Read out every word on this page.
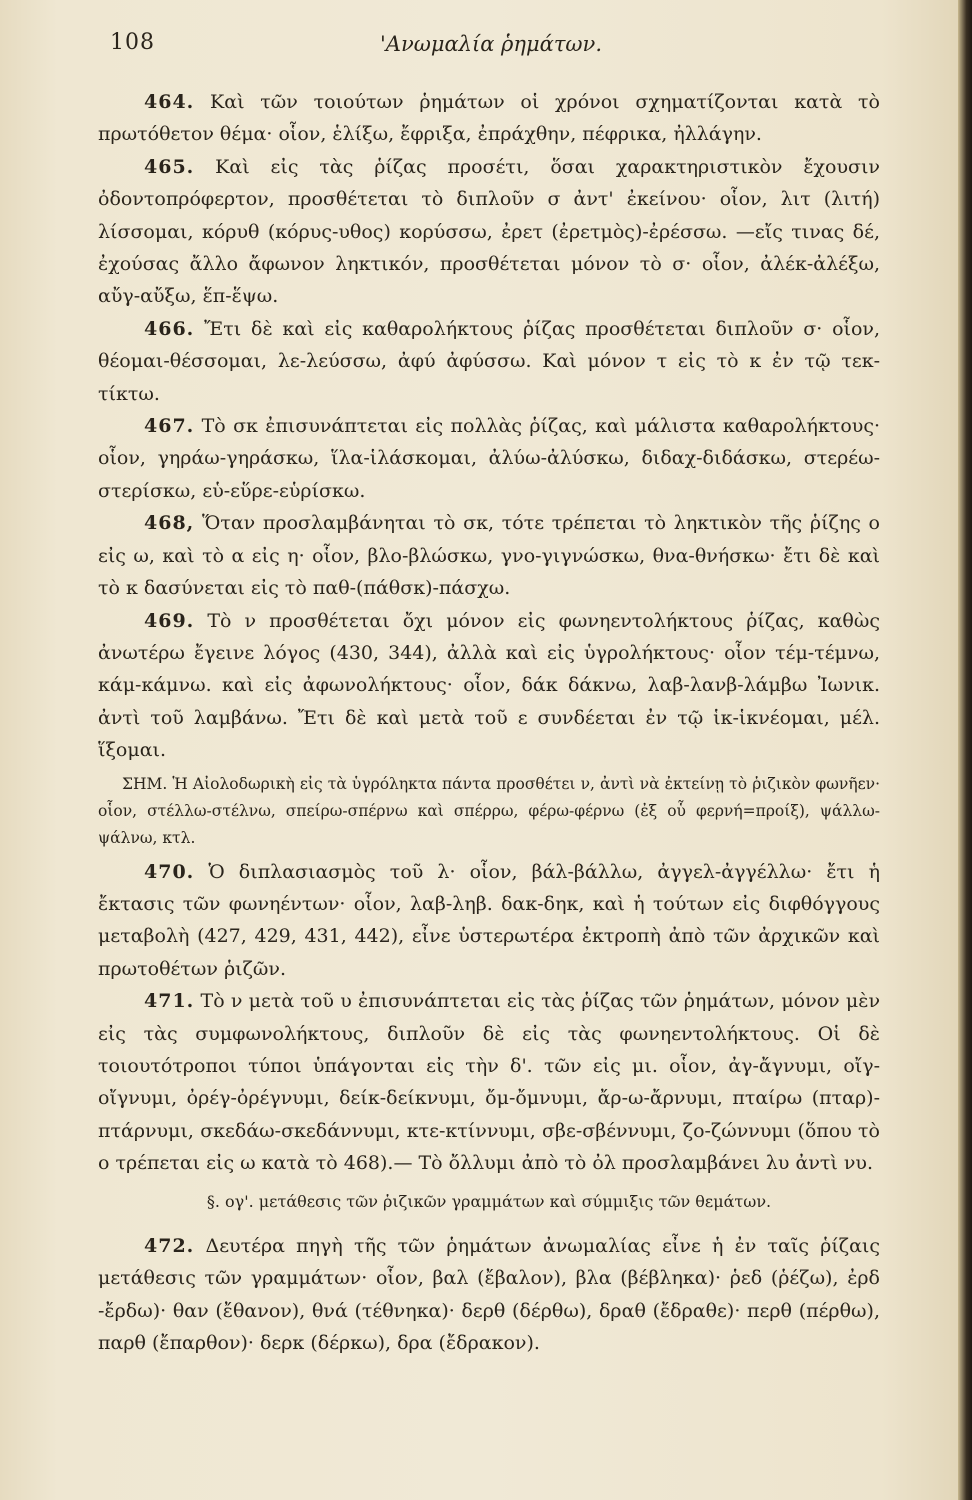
108	'Ανωμαλία ῥημάτων.

464. Καὶ τῶν τοιούτων ῥημάτων οἱ χρόνοι σχηματίζονται κατὰ τὸ πρωτόθετον θέμα· οἷον, ἑλίξω, ἔφριξα, ἐπράχθην, πέφρικα, ἠλλάγην.

465. Καὶ εἰς τὰς ῥίζας προσέτι, ὅσαι χαρακτηριστικὸν ἔχουσιν ὀδοντοπρόφερτον, προσθέτεται τὸ διπλοῦν σ ἀντ' ἐκείνου· οἷον, λιτ (λιτή) λίσσομαι, κόρυθ (κόρυς-υθος) κορύσσω, ἐρετ (ἐρετμὸς)-ἐρέσσω. —εἴς τινας δέ, ἐχούσας ἄλλο ἄφωνον ληκτικόν, προσθέτεται μόνον τὸ σ· οἷον, ἀλέκ-ἀλέξω, αὔγ-αὔξω, ἕπ-ἕψω.

466. Ἔτι δὲ καὶ εἰς καθαρολήκτους ῥίζας προσθέτεται διπλοῦν σ· οἷον, θέομαι-θέσσομαι, λε-λεύσσω, ἀφύ ἀφύσσω. Καὶ μόνον τ εἰς τὸ κ ἐν τῷ τεκ-τίκτω.

467. Τὸ σκ ἐπισυνάπτεται εἰς πολλὰς ῥίζας, καὶ μάλιστα καθαρολήκτους· οἷον, γηράω-γηράσκω, ἵλα-ἱλάσκομαι, ἀλύω-ἀλύσκω, διδαχ-διδάσκω, στερέω-στερίσκω, εὑ-εὕρε-εὑρίσκω.

468, Ὅταν προσλαμβάνηται τὸ σκ, τότε τρέπεται τὸ ληκτικὸν τῆς ῥίζης ο εἰς ω, καὶ τὸ α εἰς η· οἷον, βλο-βλώσκω, γνο-γιγνώσκω, θνα-θνήσκω· ἔτι δὲ καὶ τὸ κ δασύνεται εἰς τὸ παθ-(πάθσκ)-πάσχω.

469. Τὸ ν προσθέτεται ὄχι μόνον εἰς φωνηεντολήκτους ῥίζας, καθὼς ἀνωτέρω ἔγεινε λόγος (430, 344), ἀλλὰ καὶ εἰς ὑγρολήκτους· οἷον τέμ-τέμνω, κάμ-κάμνω. καὶ εἰς ἀφωνολήκτους· οἷον, δάκ δάκνω, λαβ-λανβ-λάμβω Ἰωνικ. ἀντὶ τοῦ λαμβάνω. Ἔτι δὲ καὶ μετὰ τοῦ ε συνδέεται ἐν τῷ ἱκ-ἱκνέομαι, μέλ. ἵξομαι.

ΣΗΜ. Ἡ Αἰολοδωρικὴ εἰς τὰ ὑγρόληκτα πάντα προσθέτει ν, ἀντὶ νὰ ἐκτείνῃ τὸ ῥιζικὸν φωνῆεν· οἷον, στέλλω-στέλνω, σπείρω-σπέρνω καὶ σπέρρω, φέρω-φέρνω (ἐξ οὗ φερνή=προίξ), ψάλλω-ψάλνω, κτλ.

470. Ὁ διπλασιασμὸς τοῦ λ· οἷον, βάλ-βάλλω, ἀγγελ-ἀγγέλλω· ἔτι ἡ ἔκτασις τῶν φωνηέντων· οἷον, λαβ-ληβ. δακ-δηκ, καὶ ἡ τούτων εἰς διφθόγγους μεταβολὴ (427, 429, 431, 442), εἶνε ὑστερωτέρα ἐκτροπὴ ἀπὸ τῶν ἀρχικῶν καὶ πρωτοθέτων ῥιζῶν.

471. Τὸ ν μετὰ τοῦ υ ἐπισυνάπτεται εἰς τὰς ῥίζας τῶν ῥημάτων, μόνον μὲν εἰς τὰς συμφωνολήκτους, διπλοῦν δὲ εἰς τὰς φωνηεντολήκτους. Οἱ δὲ τοιουτότροποι τύποι ὑπάγονται εἰς τὴν δ'. τῶν εἰς μι. οἷον, ἀγ-ἄγνυμι, οἴγ-οἴγνυμι, ὀρέγ-ὀρέγνυμι, δείκ-δείκνυμι, ὄμ-ὄμνυμι, ἄρ-ω-ἄρνυμι, πταίρω (πταρ)-πτάρνυμι, σκεδάω-σκεδάννυμι, κτε-κτίννυμι, σβε-σβέννυμι, ζο-ζώννυμι (ὅπου τὸ ο τρέπεται εἰς ω κατὰ τὸ 468).— Τὸ ὄλλυμι ἀπὸ τὸ ὀλ προσλαμβάνει λυ ἀντὶ νυ.

§. ογ'. μετάθεσις τῶν ῥιζικῶν γραμμάτων καὶ σύμμιξις τῶν θεμάτων.

472. Δευτέρα πηγὴ τῆς τῶν ῥημάτων ἀνωμαλίας εἶνε ἡ ἐν ταῖς ῥίζαις μετάθεσις τῶν γραμμάτων· οἷον, βαλ (ἔβαλον), βλα (βέβληκα)· ῥεδ (ῥέζω), ἐρδ -ἔρδω)· θαν (ἔθανον), θνά (τέθνηκα)· δερθ (δέρθω), δραθ (ἔδραθε)· περθ (πέρθω), παρθ (ἔπαρθον)· δερκ (δέρκω), δρα (ἔδρακον).
